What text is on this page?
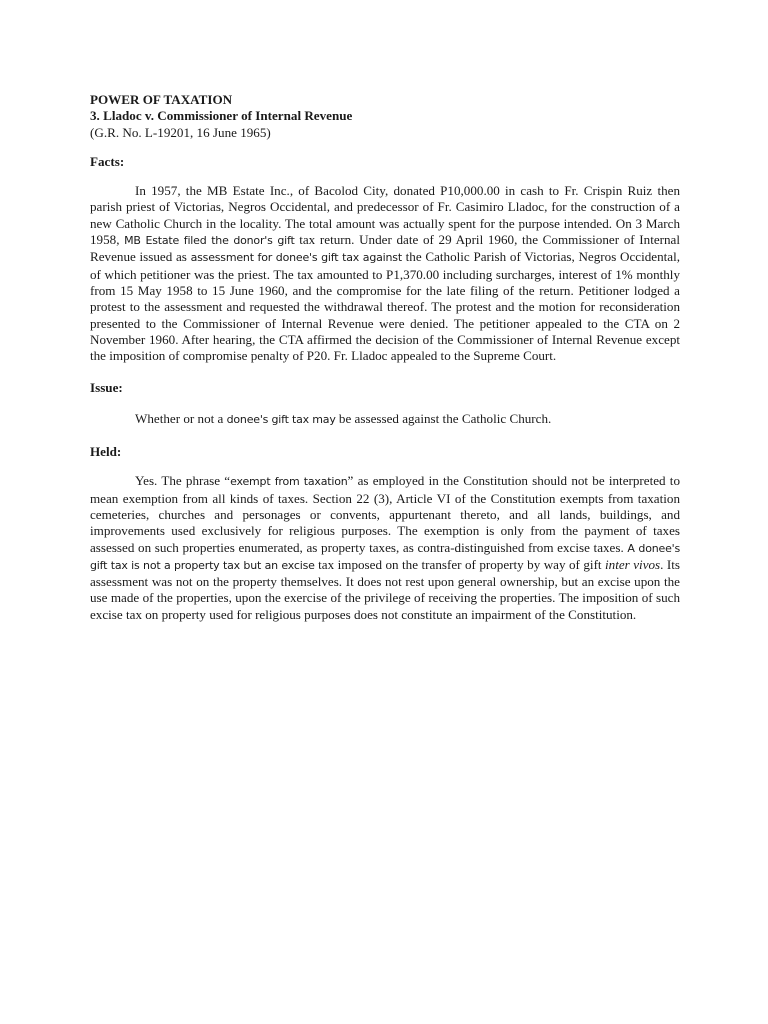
POWER OF TAXATION

3. Lladoc v. Commissioner of Internal Revenue

(G.R. No. L-19201, 16 June 1965)

Facts:

In 1957, the MB Estate Inc., of Bacolod City, donated P10,000.00 in cash to Fr. Crispin Ruiz then parish priest of Victorias, Negros Occidental, and predecessor of Fr. Casimiro Lladoc, for the construction of a new Catholic Church in the locality. The total amount was actually spent for the purpose intended. On 3 March 1958, MB Estate filed the donor's gift tax return. Under date of 29 April 1960, the Commissioner of Internal Revenue issued as assessment for donee's gift tax against the Catholic Parish of Victorias, Negros Occidental, of which petitioner was the priest. The tax amounted to P1,370.00 including surcharges, interest of 1% monthly from 15 May 1958 to 15 June 1960, and the compromise for the late filing of the return. Petitioner lodged a protest to the assessment and requested the withdrawal thereof. The protest and the motion for reconsideration presented to the Commissioner of Internal Revenue were denied. The petitioner appealed to the CTA on 2 November 1960. After hearing, the CTA affirmed the decision of the Commissioner of Internal Revenue except the imposition of compromise penalty of P20. Fr. Lladoc appealed to the Supreme Court.

Issue:

Whether or not a donee's gift tax may be assessed against the Catholic Church.

Held:

Yes. The phrase “exempt from taxation” as employed in the Constitution should not be interpreted to mean exemption from all kinds of taxes. Section 22 (3), Article VI of the Constitution exempts from taxation cemeteries, churches and personages or convents, appurtenant thereto, and all lands, buildings, and improvements used exclusively for religious purposes. The exemption is only from the payment of taxes assessed on such properties enumerated, as property taxes, as contra-distinguished from excise taxes. A donee's gift tax is not a property tax but an excise tax imposed on the transfer of property by way of gift inter vivos. Its assessment was not on the property themselves. It does not rest upon general ownership, but an excise upon the use made of the properties, upon the exercise of the privilege of receiving the properties. The imposition of such excise tax on property used for religious purposes does not constitute an impairment of the Constitution.
